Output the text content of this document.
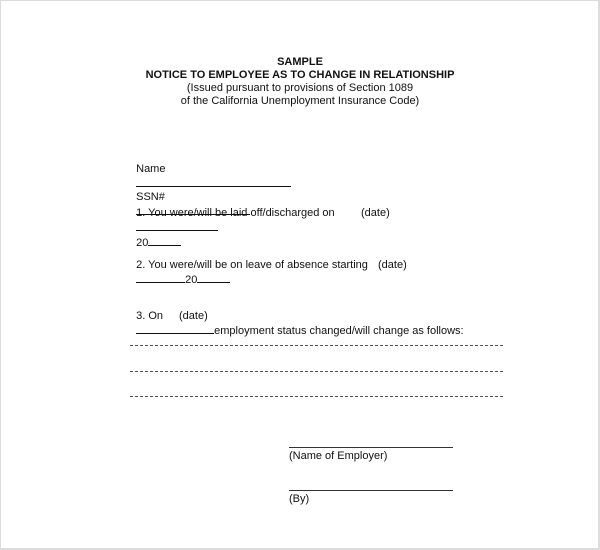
SAMPLE
NOTICE TO EMPLOYEE AS TO CHANGE IN RELATIONSHIP
(Issued pursuant to provisions of Section 1089
of the California Unemployment Insurance Code)

Name

SSN#

1. You were/will be laid off/discharged on

20

(date)

2. You were/will be on leave of absence starting
20

(date)

3. On
employment status changed/will change as follows:

(date)
(Name of Employer)
(By)
